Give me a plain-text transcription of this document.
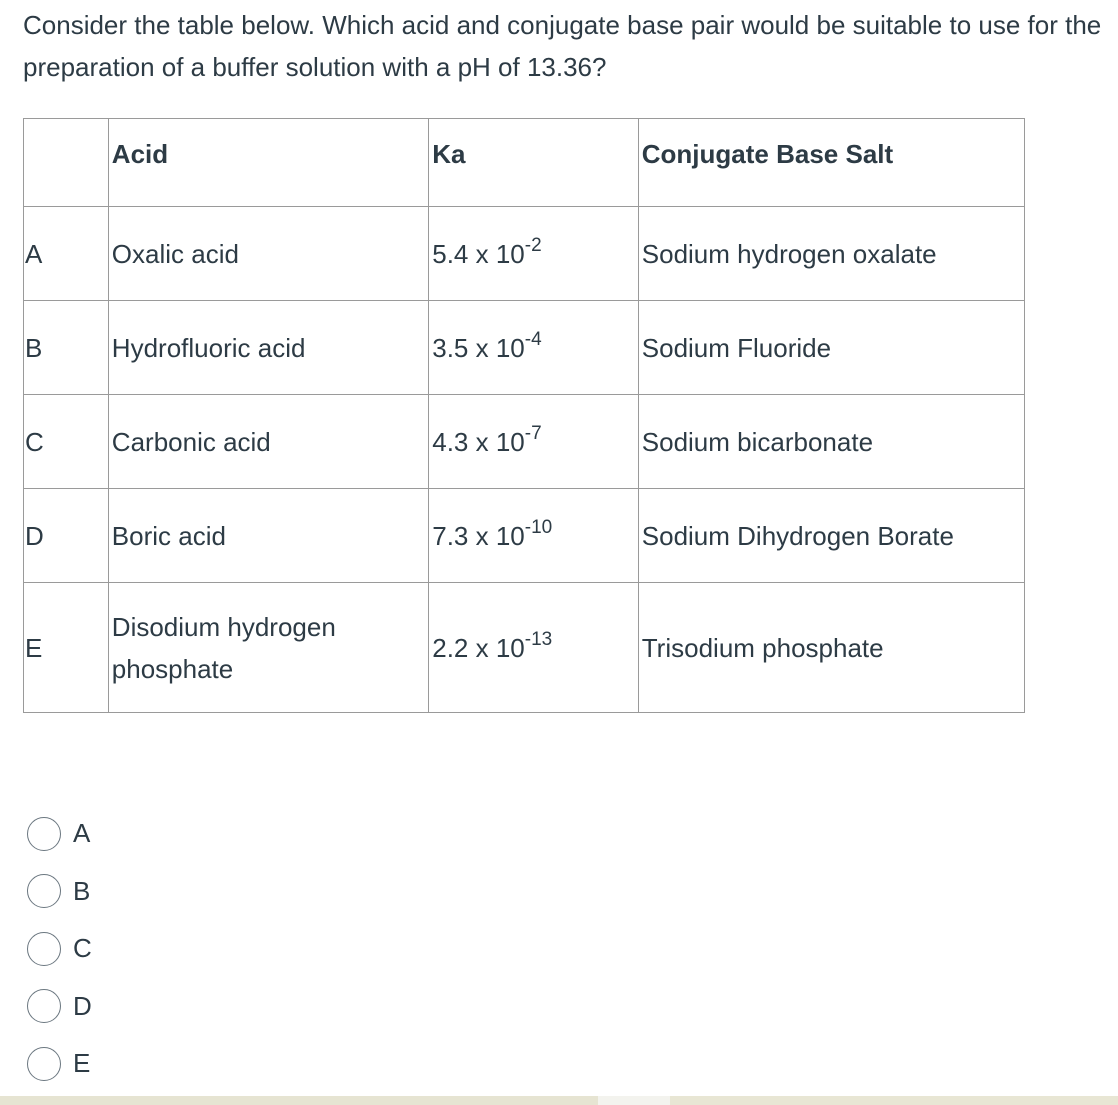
Consider the table below. Which acid and conjugate base pair would be suitable to use for the preparation of a buffer solution with a pH of 13.36?

	Acid	Ka	Conjugate Base Salt
A	Oxalic acid	5.4 x $10^{-2}$	Sodium hydrogen oxalate
B	Hydrofluoric acid	3.5 x $10^{-4}$	Sodium Fluoride
C	Carbonic acid	4.3 x $10^{-7}$	Sodium bicarbonate
D	Boric acid	7.3 x $10^{-10}$	Sodium Dihydrogen Borate
E	Disodium hydrogen phosphate	2.2 x $10^{-13}$	Trisodium phosphate
A
B
C
D
E
